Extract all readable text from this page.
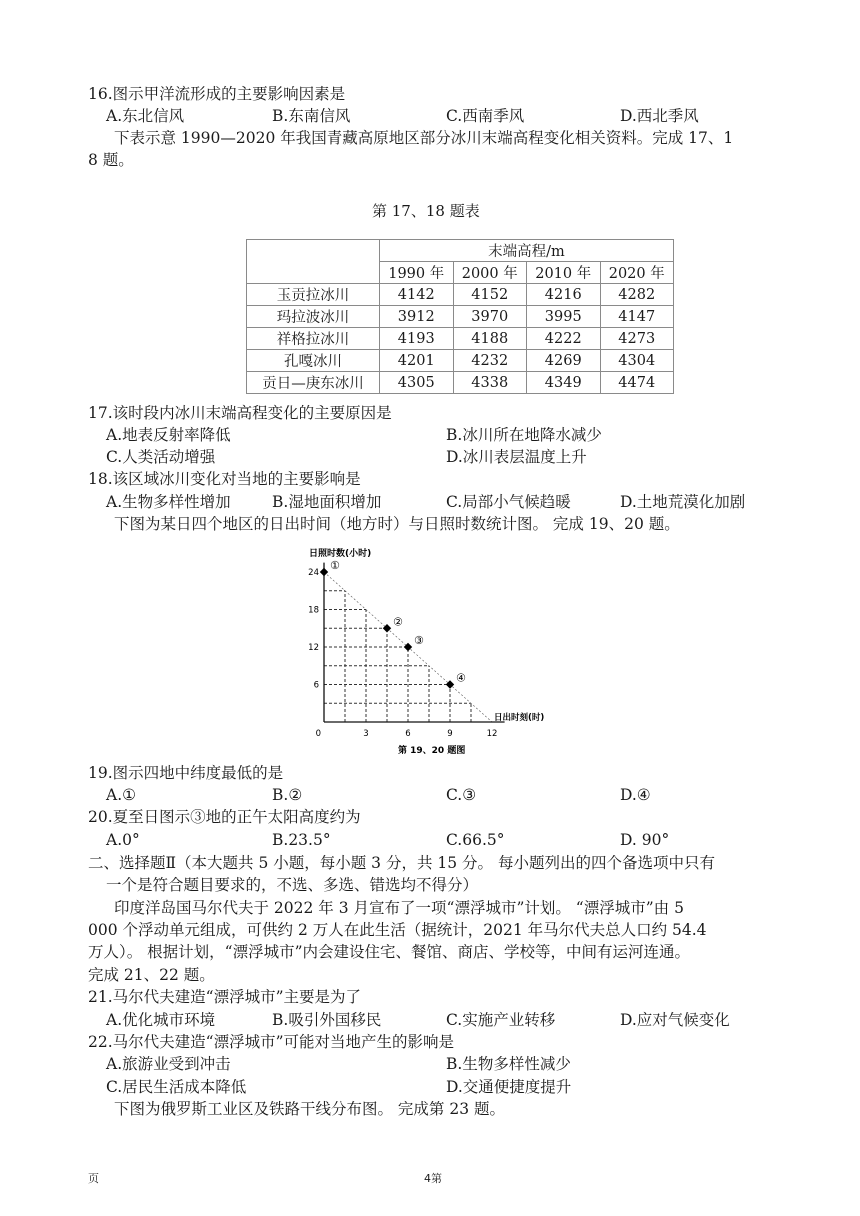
16.图示甲洋流形成的主要影响因素是
A.东北信风	B.东南信风	C.西南季风	D.西北季风
下表示意 1990—2020 年我国青藏高原地区部分冰川末端高程变化相关资料。完成 17、1
8 题。
第 17、18 题表
	末端高程/m			
	1990 年	2000 年	2010 年	2020 年
玉贡拉冰川	4142	4152	4216	4282
玛拉波冰川	3912	3970	3995	4147
祥格拉冰川	4193	4188	4222	4273
孔嘎冰川	4201	4232	4269	4304
贡日—庚东冰川	4305	4338	4349	4474
17.该时段内冰川末端高程变化的主要原因是
A.地表反射率降低	B.冰川所在地降水减少
C.人类活动增强	D.冰川表层温度上升
18.该区域冰川变化对当地的主要影响是
A.生物多样性增加	B.湿地面积增加	C.局部小气候趋暖	D.土地荒漠化加剧
下图为某日四个地区的日出时间（地方时）与日照时数统计图。 完成 19、20 题。
0	3	6	9	12
6
12
18
24
①
②
③
④
日照时数(小时)
日出时刻(时)
第 19、20 题图
19.图示四地中纬度最低的是
A.①	B.②	C.③	D.④
20.夏至日图示③地的正午太阳高度约为
A.0°	B.23.5°	C.66.5°	D. 90°
二、选择题Ⅱ（本大题共 5 小题，每小题 3 分，共 15 分。 每小题列出的四个备选项中只有
一个是符合题目要求的，不选、多选、错选均不得分）
印度洋岛国马尔代夫于 2022 年 3 月宣布了一项“漂浮城市”计划。 “漂浮城市”由 5
000 个浮动单元组成，可供约 2 万人在此生活（据统计，2021 年马尔代夫总人口约 54.4
万人）。 根据计划，“漂浮城市”内会建设住宅、餐馆、商店、学校等，中间有运河连通。
完成 21、22 题。
21.马尔代夫建造“漂浮城市”主要是为了
A.优化城市环境	B.吸引外国移民	C.实施产业转移	D.应对气候变化
22.马尔代夫建造“漂浮城市”可能对当地产生的影响是
A.旅游业受到冲击	B.生物多样性减少
C.居民生活成本降低	D.交通便捷度提升
下图为俄罗斯工业区及铁路干线分布图。 完成第 23 题。
页	4第
